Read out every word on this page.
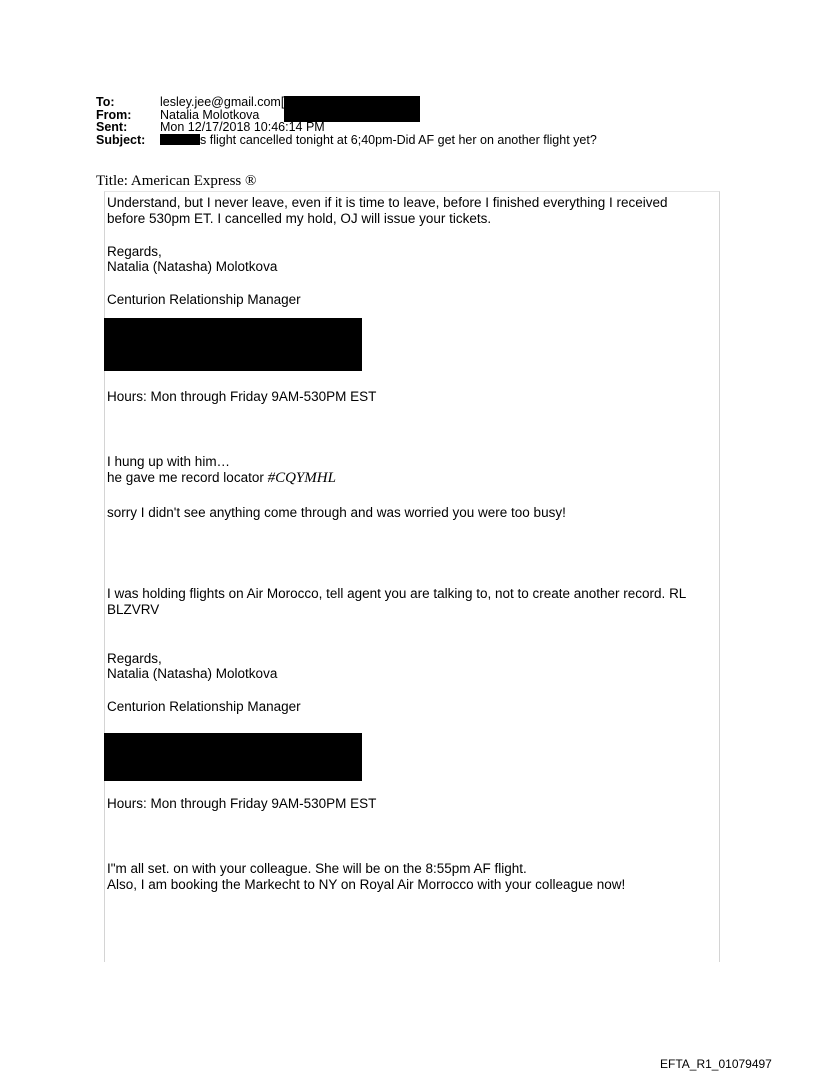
To:	lesley.jee@gmail.com[
From:	Natalia Molotkova
Sent:	Mon 12/17/2018 10:46:14 PM
Subject:	s flight cancelled tonight at 6;40pm-Did AF get her on another flight yet?
Title: American Express ®
Understand, but I never leave, even if it is time to leave, before I finished everything I received
before 530pm ET. I cancelled my hold, OJ will issue your tickets.
Regards,
Natalia (Natasha) Molotkova
Centurion Relationship Manager
Hours: Mon through Friday 9AM-530PM EST
I hung up with him…
he gave me record locator #CQYMHL
sorry I didn't see anything come through and was worried you were too busy!
I was holding flights on Air Morocco, tell agent you are talking to, not to create another record. RL
BLZVRV
Regards,
Natalia (Natasha) Molotkova
Centurion Relationship Manager
Hours: Mon through Friday 9AM-530PM EST
I"m all set. on with your colleague. She will be on the 8:55pm AF flight.
Also, I am booking the Markecht to NY on Royal Air Morrocco with your colleague now!
EFTA_R1_01079497
